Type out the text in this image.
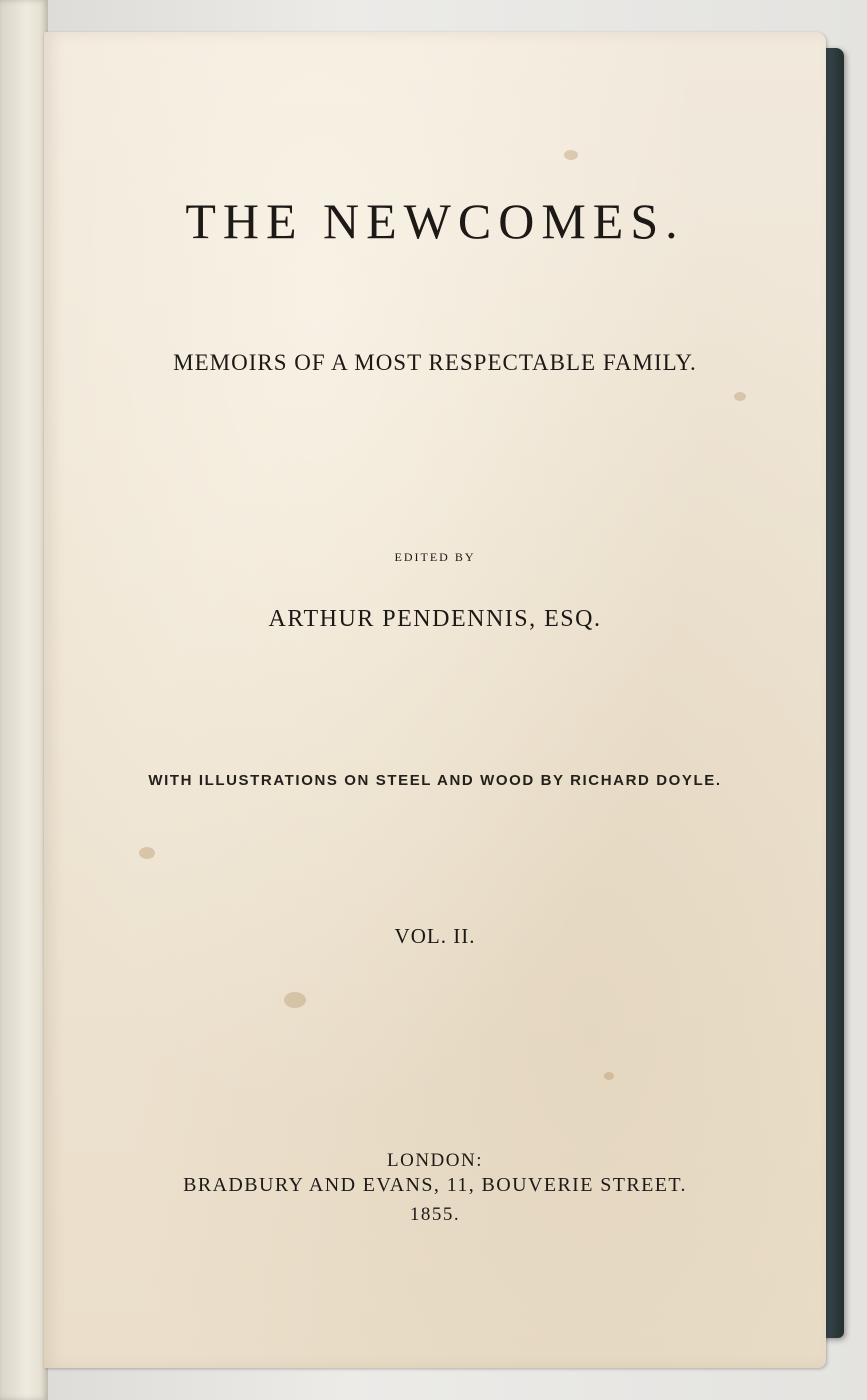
THE NEWCOMES.
MEMOIRS OF A MOST RESPECTABLE FAMILY.
EDITED BY
ARTHUR PENDENNIS, ESQ.
WITH ILLUSTRATIONS ON STEEL AND WOOD BY RICHARD DOYLE.
VOL. II.
LONDON:
BRADBURY AND EVANS, 11, BOUVERIE STREET.
1855.
